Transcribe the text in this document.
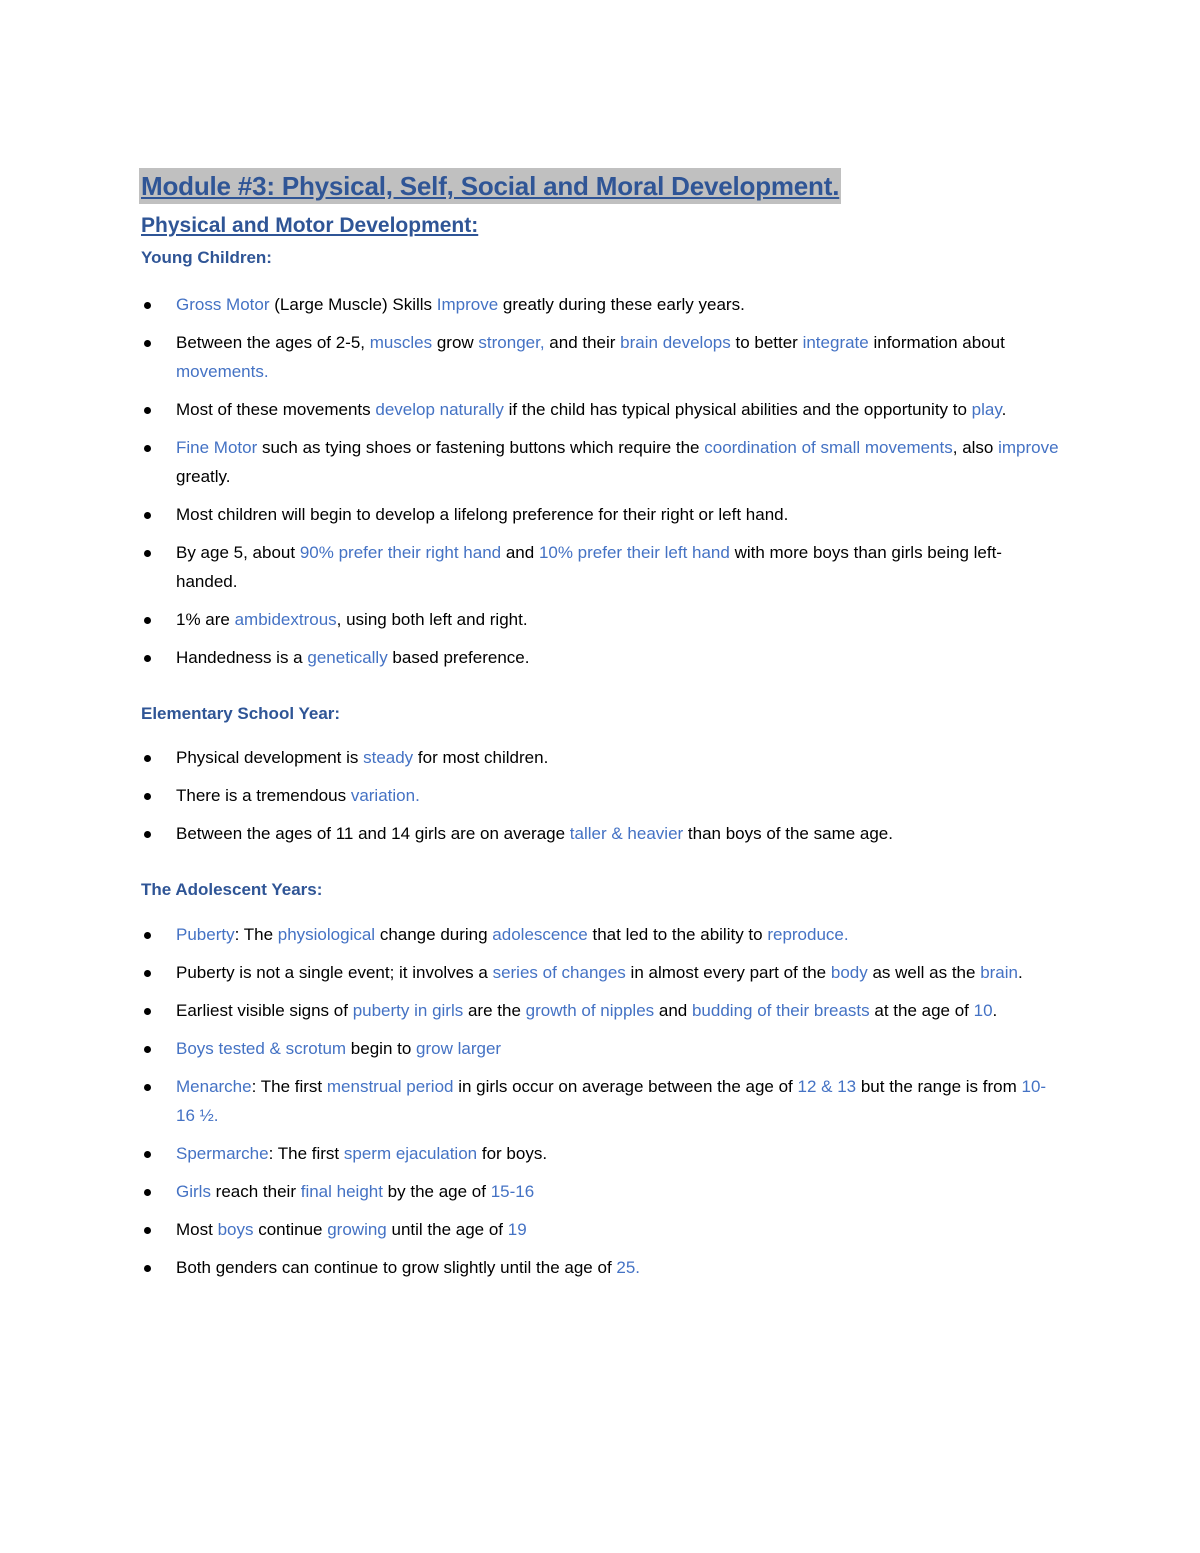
Module #3: Physical, Self, Social and Moral Development.
Physical and Motor Development:
Young Children:
Gross Motor (Large Muscle) Skills Improve greatly during these early years.
Between the ages of 2-5, muscles grow stronger, and their brain develops to better integrate information about movements.
Most of these movements develop naturally if the child has typical physical abilities and the opportunity to play.
Fine Motor such as tying shoes or fastening buttons which require the coordination of small movements, also improve greatly.
Most children will begin to develop a lifelong preference for their right or left hand.
By age 5, about 90% prefer their right hand and 10% prefer their left hand with more boys than girls being left-handed.
1% are ambidextrous, using both left and right.
Handedness is a genetically based preference.
Elementary School Year:
Physical development is steady for most children.
There is a tremendous variation.
Between the ages of 11 and 14 girls are on average taller & heavier than boys of the same age.
The Adolescent Years:
Puberty: The physiological change during adolescence that led to the ability to reproduce.
Puberty is not a single event; it involves a series of changes in almost every part of the body as well as the brain.
Earliest visible signs of puberty in girls are the growth of nipples and budding of their breasts at the age of 10.
Boys tested & scrotum begin to grow larger
Menarche: The first menstrual period in girls occur on average between the age of 12 & 13 but the range is from 10- 16 ½.
Spermarche: The first sperm ejaculation for boys.
Girls reach their final height by the age of 15-16
Most boys continue growing until the age of 19
Both genders can continue to grow slightly until the age of 25.
